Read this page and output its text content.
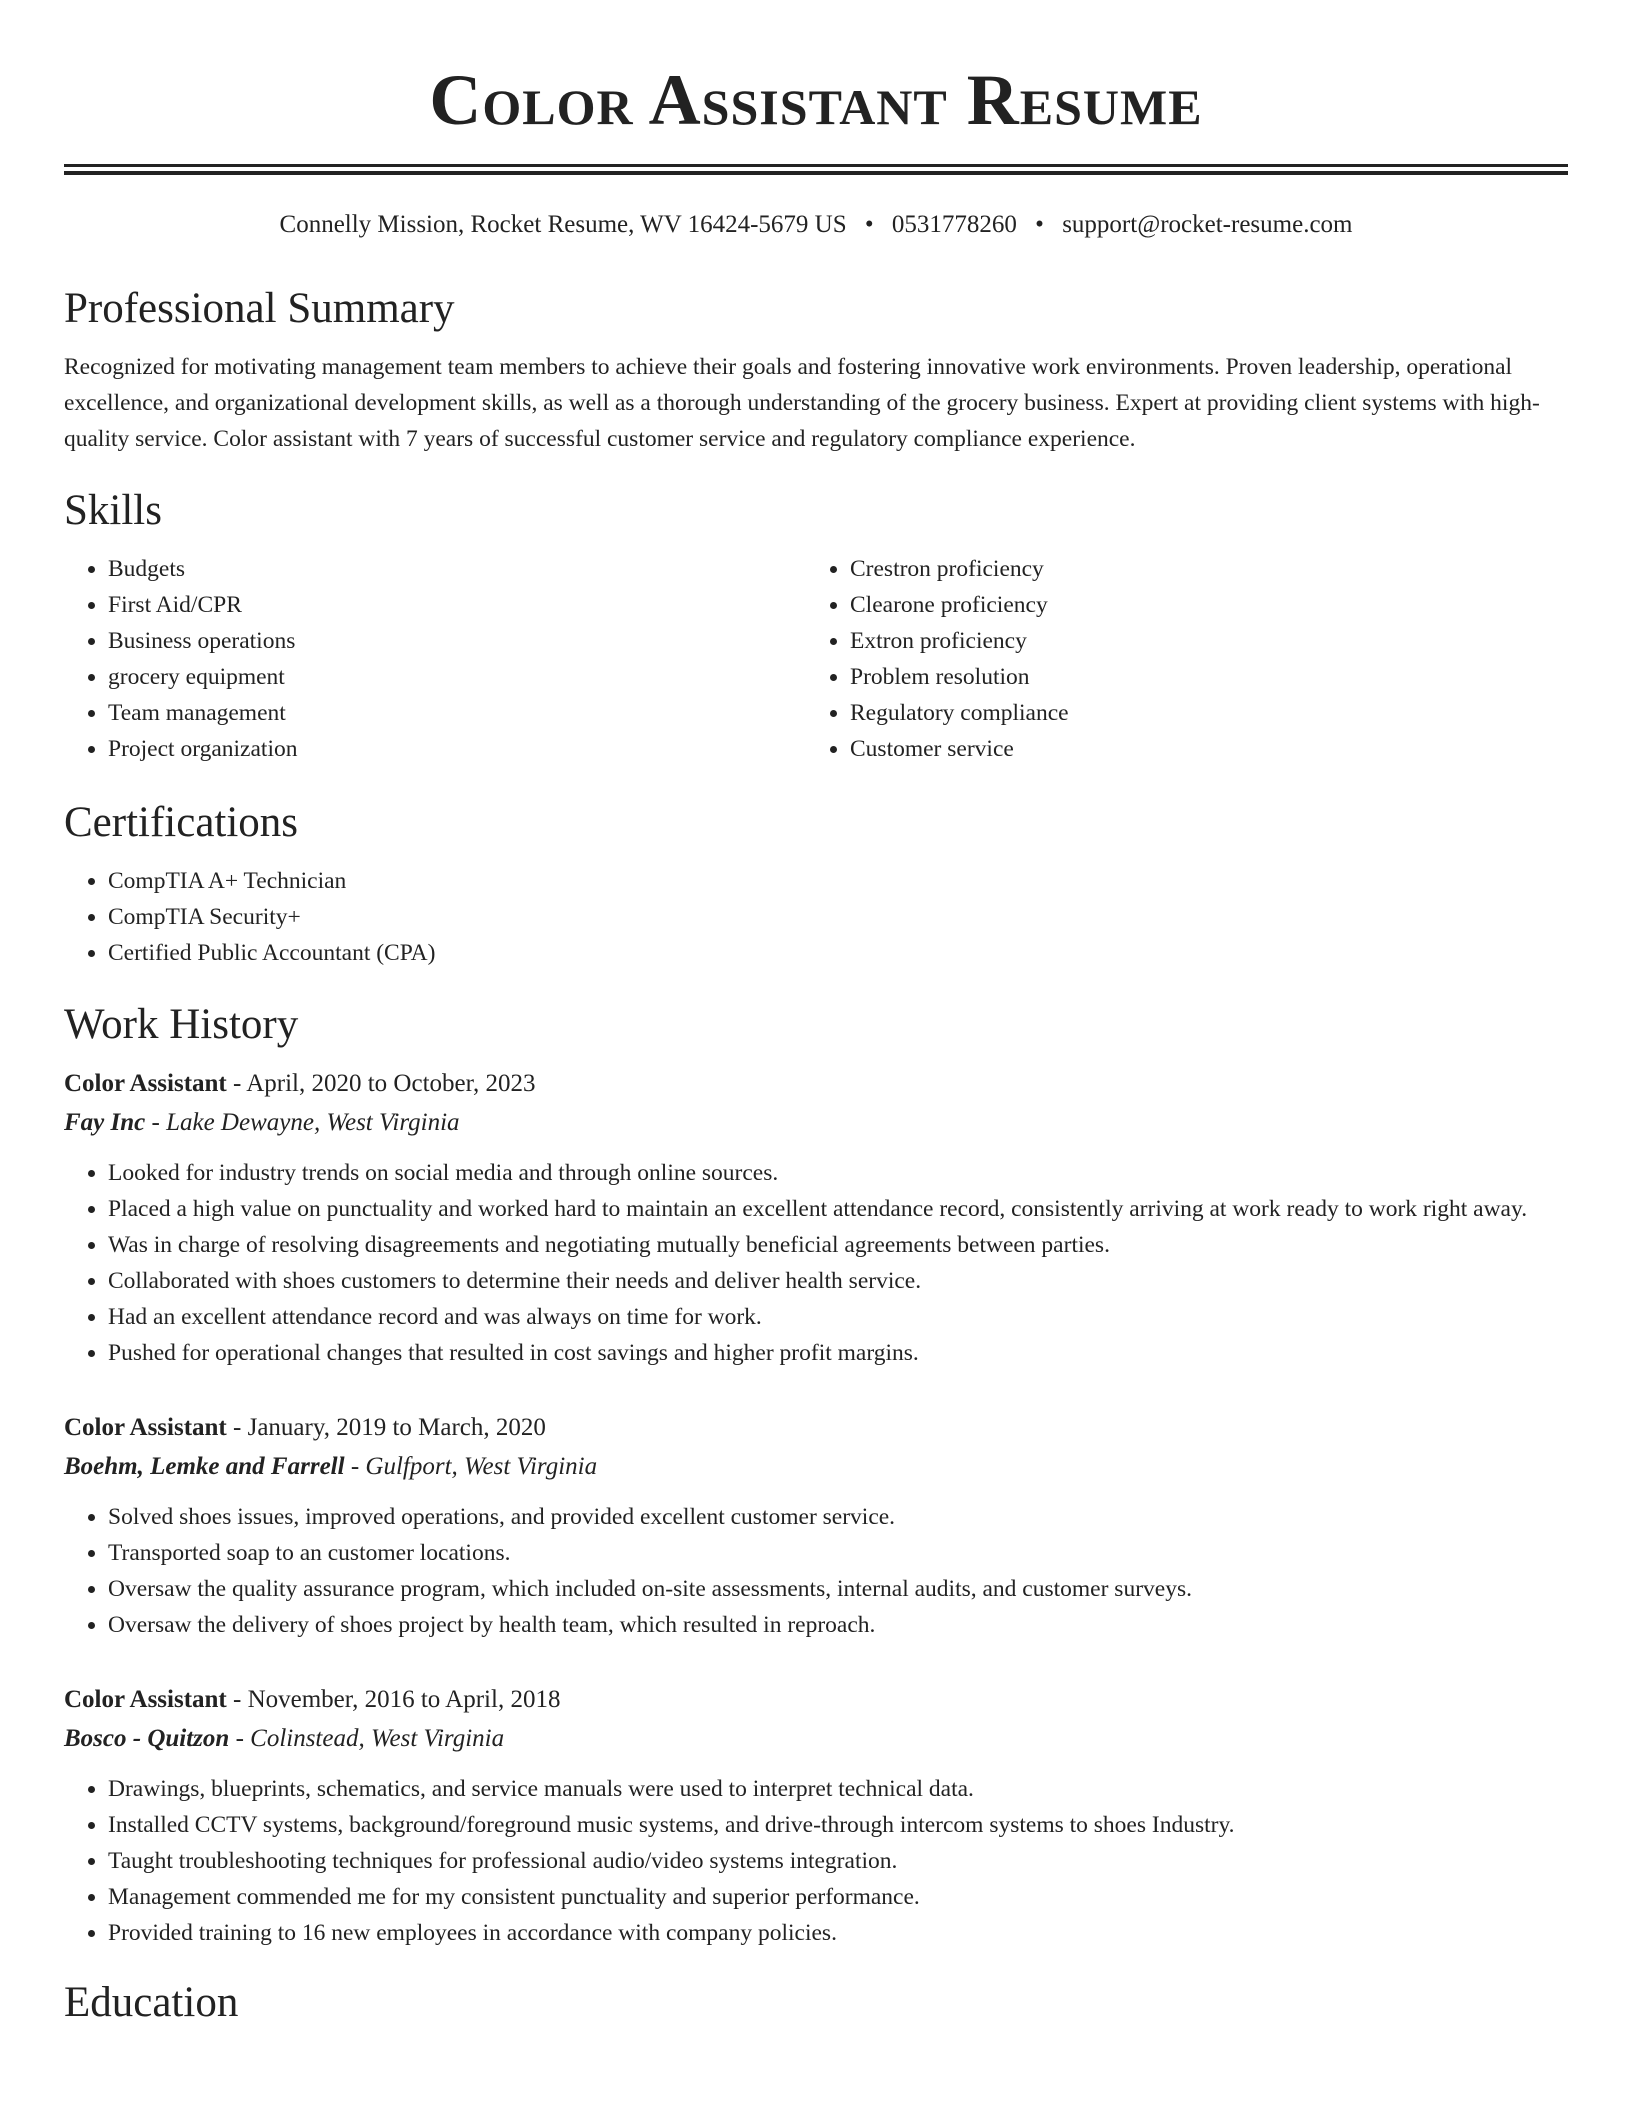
Color Assistant Resume
Connelly Mission, Rocket Resume, WV 16424-5679 US • 0531778260 • support@rocket-resume.com
Professional Summary

Recognized for motivating management team members to achieve their goals and fostering innovative work environments. Proven leadership, operational excellence, and organizational development skills, as well as a thorough understanding of the grocery business. Expert at providing client systems with high-quality service. Color assistant with 7 years of successful customer service and regulatory compliance experience.

Skills
• Budgets
• First Aid/CPR
• Business operations
• grocery equipment
• Team management
• Project organization
• Crestron proficiency
• Clearone proficiency
• Extron proficiency
• Problem resolution
• Regulatory compliance
• Customer service
Certifications
• CompTIA A+ Technician
• CompTIA Security+
• Certified Public Accountant (CPA)
Work History
Color Assistant - April, 2020 to October, 2023
Fay Inc - Lake Dewayne, West Virginia
• Looked for industry trends on social media and through online sources.
• Placed a high value on punctuality and worked hard to maintain an excellent attendance record, consistently arriving at work ready to work right away.
• Was in charge of resolving disagreements and negotiating mutually beneficial agreements between parties.
• Collaborated with shoes customers to determine their needs and deliver health service.
• Had an excellent attendance record and was always on time for work.
• Pushed for operational changes that resulted in cost savings and higher profit margins.
Color Assistant - January, 2019 to March, 2020
Boehm, Lemke and Farrell - Gulfport, West Virginia
• Solved shoes issues, improved operations, and provided excellent customer service.
• Transported soap to an customer locations.
• Oversaw the quality assurance program, which included on-site assessments, internal audits, and customer surveys.
• Oversaw the delivery of shoes project by health team, which resulted in reproach.
Color Assistant - November, 2016 to April, 2018
Bosco - Quitzon - Colinstead, West Virginia
• Drawings, blueprints, schematics, and service manuals were used to interpret technical data.
• Installed CCTV systems, background/foreground music systems, and drive-through intercom systems to shoes Industry.
• Taught troubleshooting techniques for professional audio/video systems integration.
• Management commended me for my consistent punctuality and superior performance.
• Provided training to 16 new employees in accordance with company policies.
Education
